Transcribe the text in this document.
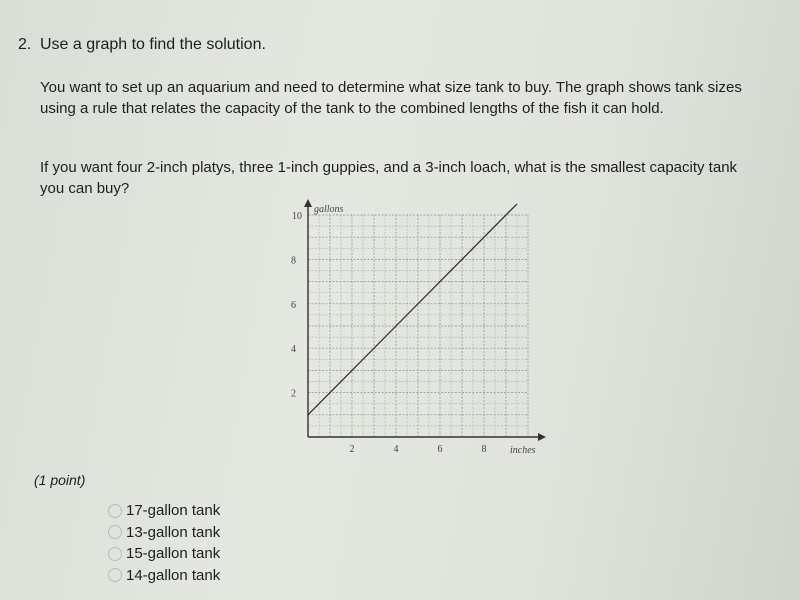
2. Use a graph to find the solution.
You want to set up an aquarium and need to determine what size tank to buy. The graph shows tank sizes
using a rule that relates the capacity of the tank to the combined lengths of the fish it can hold.
If you want four 2-inch platys, three 1-inch guppies, and a 3-inch loach, what is the smallest capacity tank
you can buy?
gallons
inches
2	4	6	8
2
4
6
8
10
(1 point)
17-gallon tank
13-gallon tank
15-gallon tank
14-gallon tank
